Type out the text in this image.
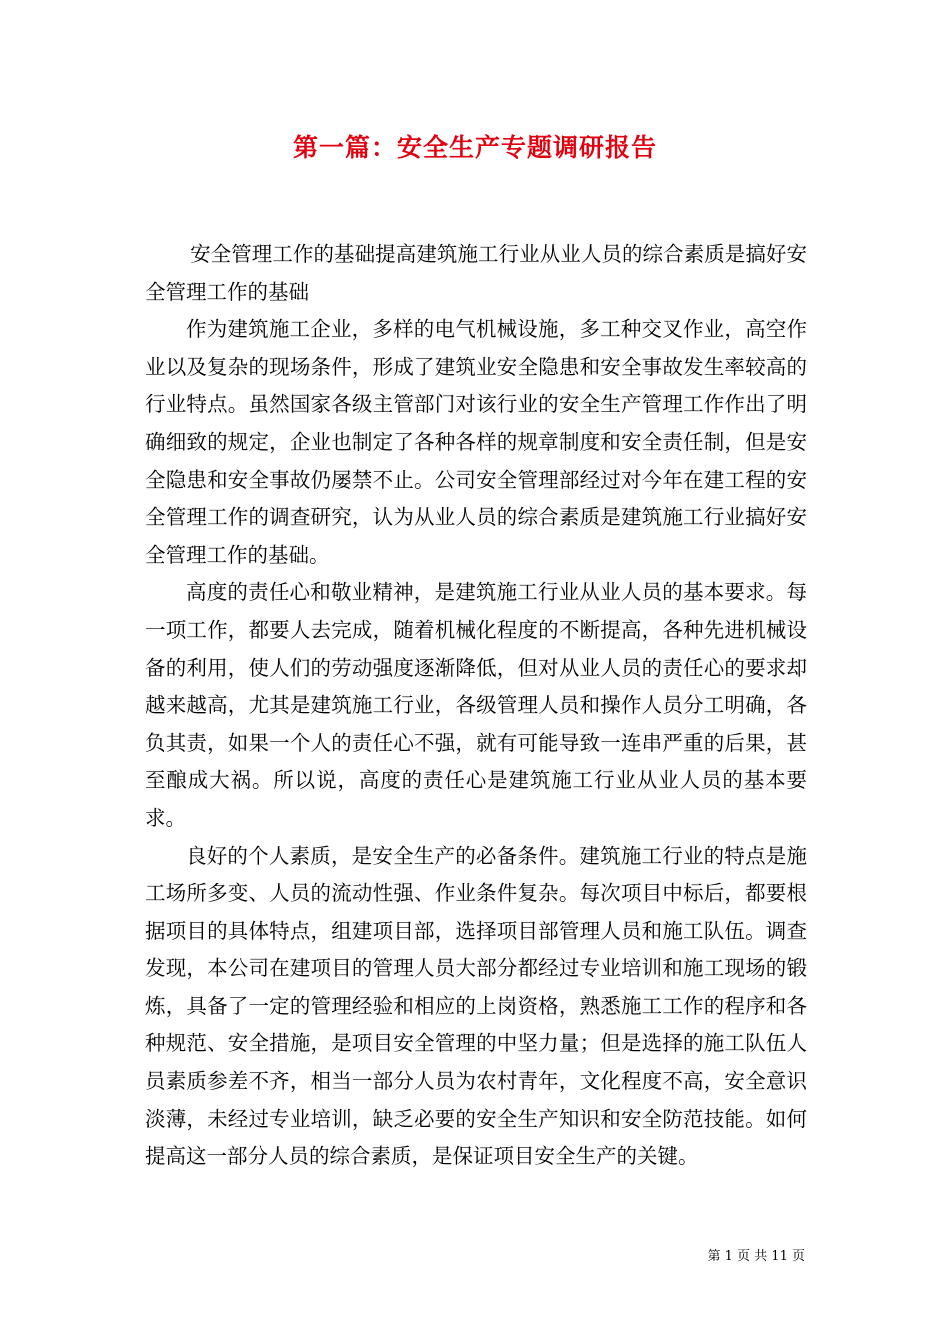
第一篇：安全生产专题调研报告

安全管理工作的基础提高建筑施工行业从业人员的综合素质是搞好安全管理工作的基础

作为建筑施工企业，多样的电气机械设施，多工种交叉作业，高空作业以及复杂的现场条件，形成了建筑业安全隐患和安全事故发生率较高的行业特点。虽然国家各级主管部门对该行业的安全生产管理工作作出了明确细致的规定，企业也制定了各种各样的规章制度和安全责任制，但是安全隐患和安全事故仍屡禁不止。公司安全管理部经过对今年在建工程的安全管理工作的调查研究，认为从业人员的综合素质是建筑施工行业搞好安全管理工作的基础。

高度的责任心和敬业精神，是建筑施工行业从业人员的基本要求。每一项工作，都要人去完成，随着机械化程度的不断提高，各种先进机械设备的利用，使人们的劳动强度逐渐降低，但对从业人员的责任心的要求却越来越高，尤其是建筑施工行业，各级管理人员和操作人员分工明确，各负其责，如果一个人的责任心不强，就有可能导致一连串严重的后果，甚至酿成大祸。所以说，高度的责任心是建筑施工行业从业人员的基本要求。

良好的个人素质，是安全生产的必备条件。建筑施工行业的特点是施工场所多变、人员的流动性强、作业条件复杂。每次项目中标后，都要根据项目的具体特点，组建项目部，选择项目部管理人员和施工队伍。调查发现，本公司在建项目的管理人员大部分都经过专业培训和施工现场的锻炼，具备了一定的管理经验和相应的上岗资格，熟悉施工工作的程序和各种规范、安全措施，是项目安全管理的中坚力量；但是选择的施工队伍人员素质参差不齐，相当一部分人员为农村青年，文化程度不高，安全意识淡薄，未经过专业培训，缺乏必要的安全生产知识和安全防范技能。如何提高这一部分人员的综合素质，是保证项目安全生产的关键。

第 1 页 共 11 页
